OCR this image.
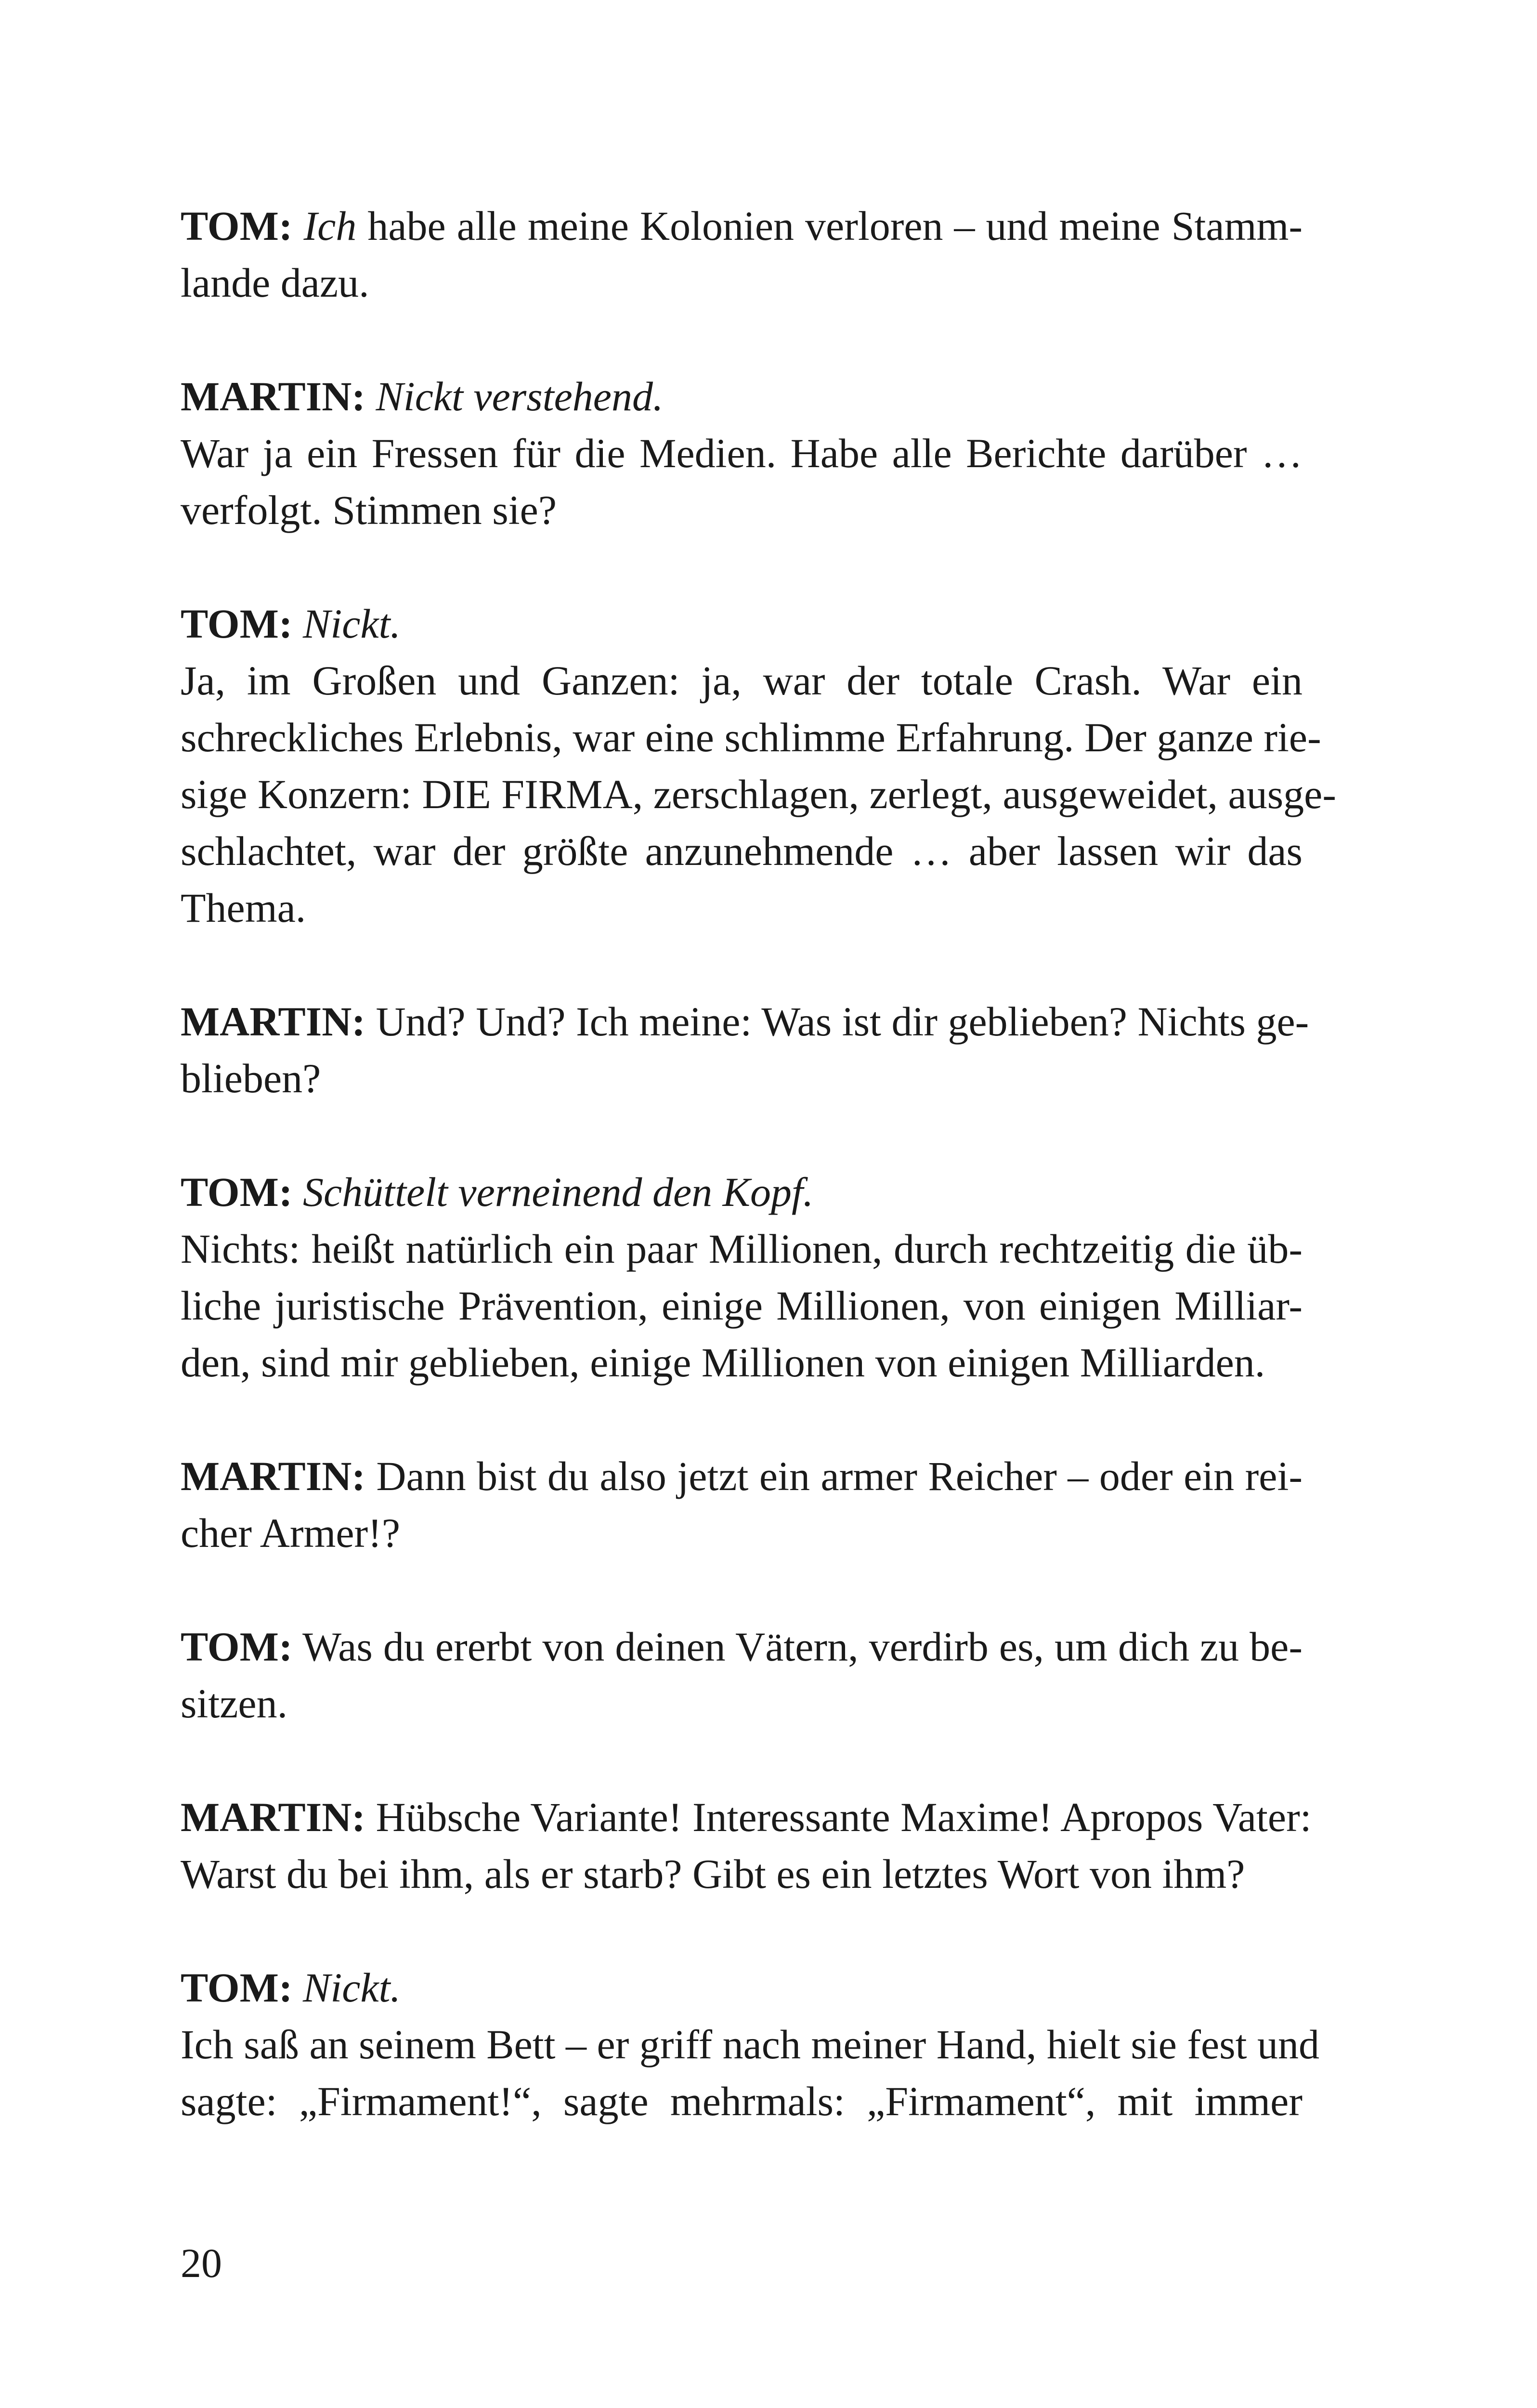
TOM: Ich habe alle meine Kolonien verloren – und meine Stamm-
lande dazu.
MARTIN: Nickt verstehend.
War ja ein Fressen für die Medien. Habe alle Berichte darüber …
verfolgt. Stimmen sie?
TOM: Nickt.
Ja, im Großen und Ganzen: ja, war der totale Crash. War ein
schreckliches Erlebnis, war eine schlimme Erfahrung. Der ganze rie-
sige Konzern: DIE FIRMA, zerschlagen, zerlegt, ausgeweidet, ausge-
schlachtet, war der größte anzunehmende … aber lassen wir das
Thema.
MARTIN: Und? Und? Ich meine: Was ist dir geblieben? Nichts ge-
blieben?
TOM: Schüttelt verneinend den Kopf.
Nichts: heißt natürlich ein paar Millionen, durch rechtzeitig die üb-
liche juristische Prävention, einige Millionen, von einigen Milliar-
den, sind mir geblieben, einige Millionen von einigen Milliarden.
MARTIN: Dann bist du also jetzt ein armer Reicher – oder ein rei-
cher Armer!?
TOM: Was du ererbt von deinen Vätern, verdirb es, um dich zu be-
sitzen.
MARTIN: Hübsche Variante! Interessante Maxime! Apropos Vater:
Warst du bei ihm, als er starb? Gibt es ein letztes Wort von ihm?
TOM: Nickt.
Ich saß an seinem Bett – er griff nach meiner Hand, hielt sie fest und
sagte: „Firmament!“, sagte mehrmals: „Firmament“, mit immer
20
